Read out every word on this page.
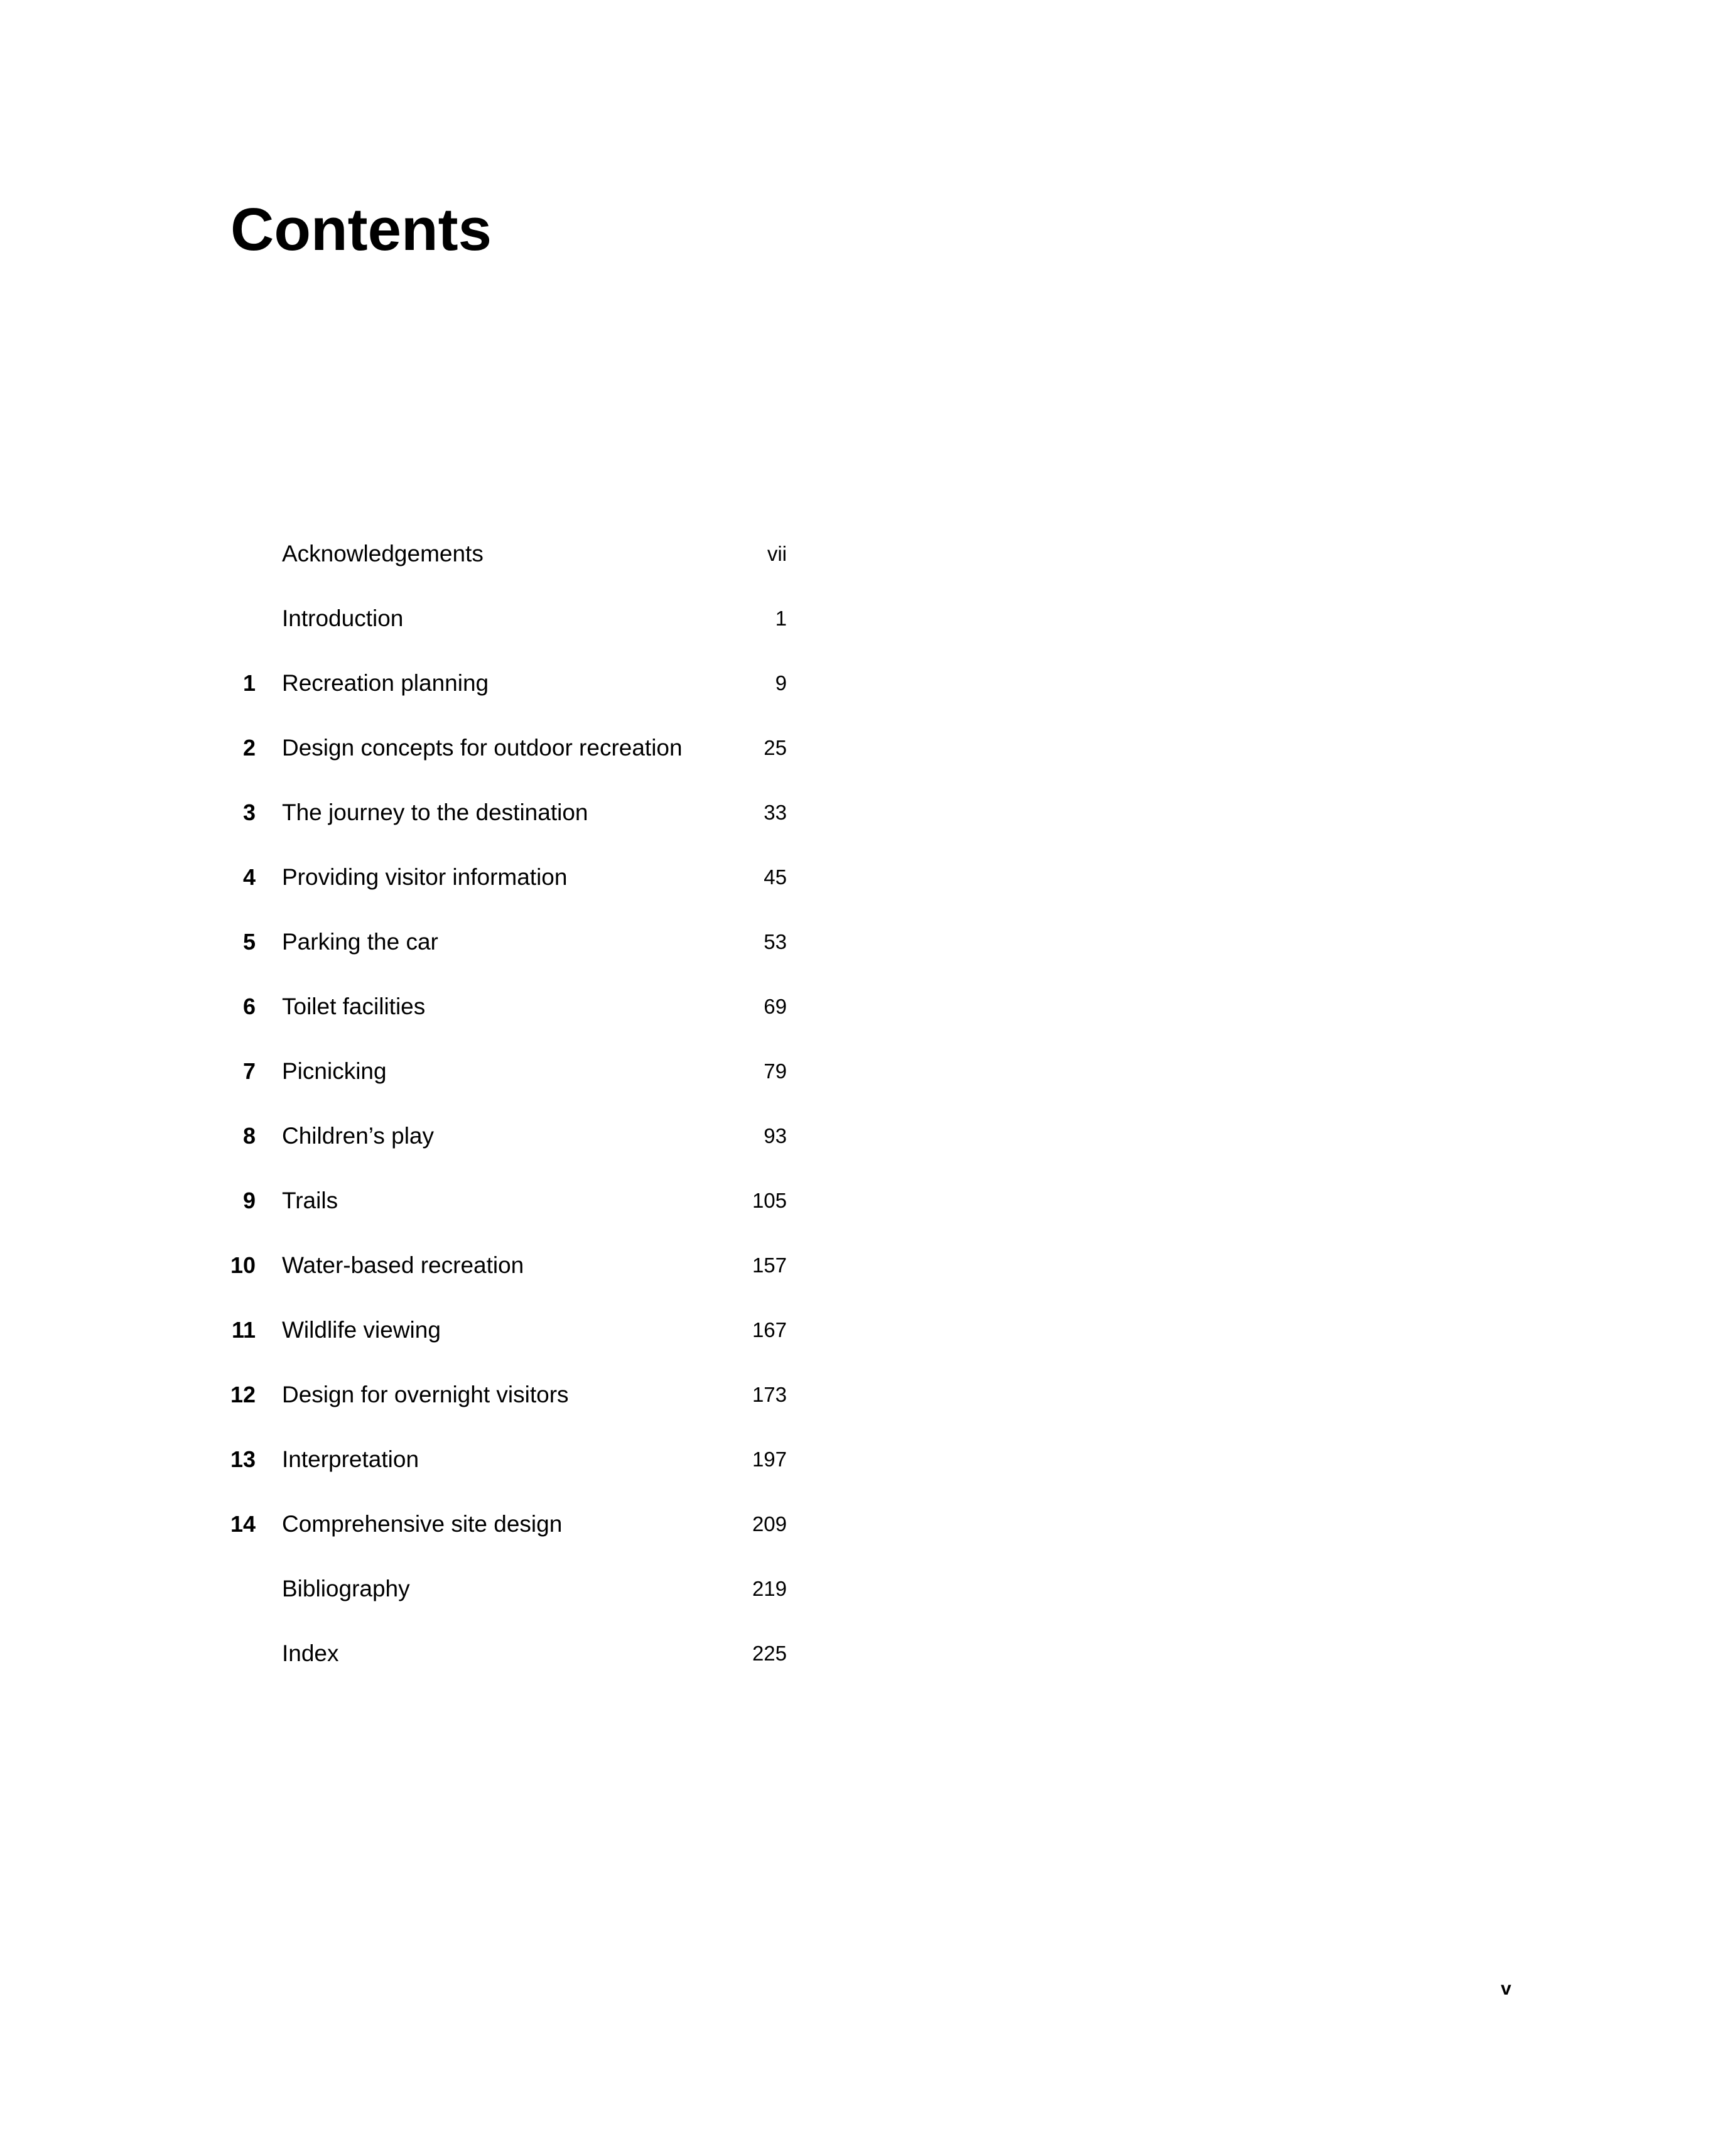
Contents
Acknowledgements	vii
Introduction	1
1 Recreation planning	9
2 Design concepts for outdoor recreation	25
3 The journey to the destination	33
4 Providing visitor information	45
5 Parking the car	53
6 Toilet facilities	69
7 Picnicking	79
8 Children’s play	93
9 Trails	105
10 Water-based recreation	157
11 Wildlife viewing	167
12 Design for overnight visitors	173
13 Interpretation	197
14 Comprehensive site design	209
Bibliography	219
Index	225
v
